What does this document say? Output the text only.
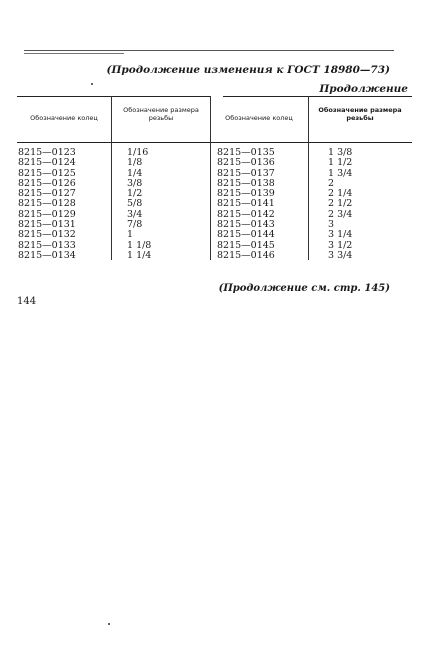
(Продолжение изменения к ГОСТ 18980—73)
Продолжение
Обозначение колец
Обозначение размера резьбы	Обозначение колец
Обозначение размера резьбы
8215—0123
8215—0124
8215—0125
8215—0126
8215—0127
8215—0128
8215—0129
8215—0131
8215—0132
8215—0133
8215—0134
1/16
1/8
1/4
3/8
1/2
5/8
3/4
7/8
1
1 1/8
1 1/4
8215—0135
8215—0136
8215—0137
8215—0138
8215—0139
8215—0141
8215—0142
8215—0143
8215—0144
8215—0145
8215—0146
1 3/8
1 1/2
1 3/4
2
2 1/4
2 1/2
2 3/4
3
3 1/4
3 1/2
3 3/4
(Продолжение см. стр. 145)
144
